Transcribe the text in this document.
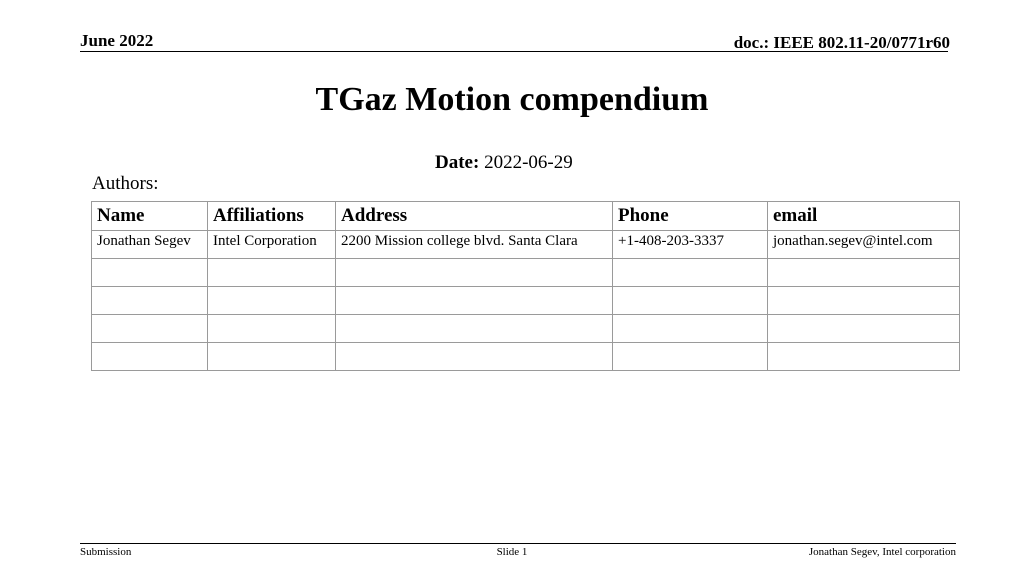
June 2022	doc.: IEEE 802.11-20/0771r60
TGaz Motion compendium
Date: 2022-06-29
Authors:
Name	Affiliations	Address	Phone	email
Jonathan Segev	Intel Corporation	2200 Mission college blvd. Santa Clara	+1-408-203-3337	jonathan.segev@intel.com

Submission	Slide 1	Jonathan Segev, Intel corporation
